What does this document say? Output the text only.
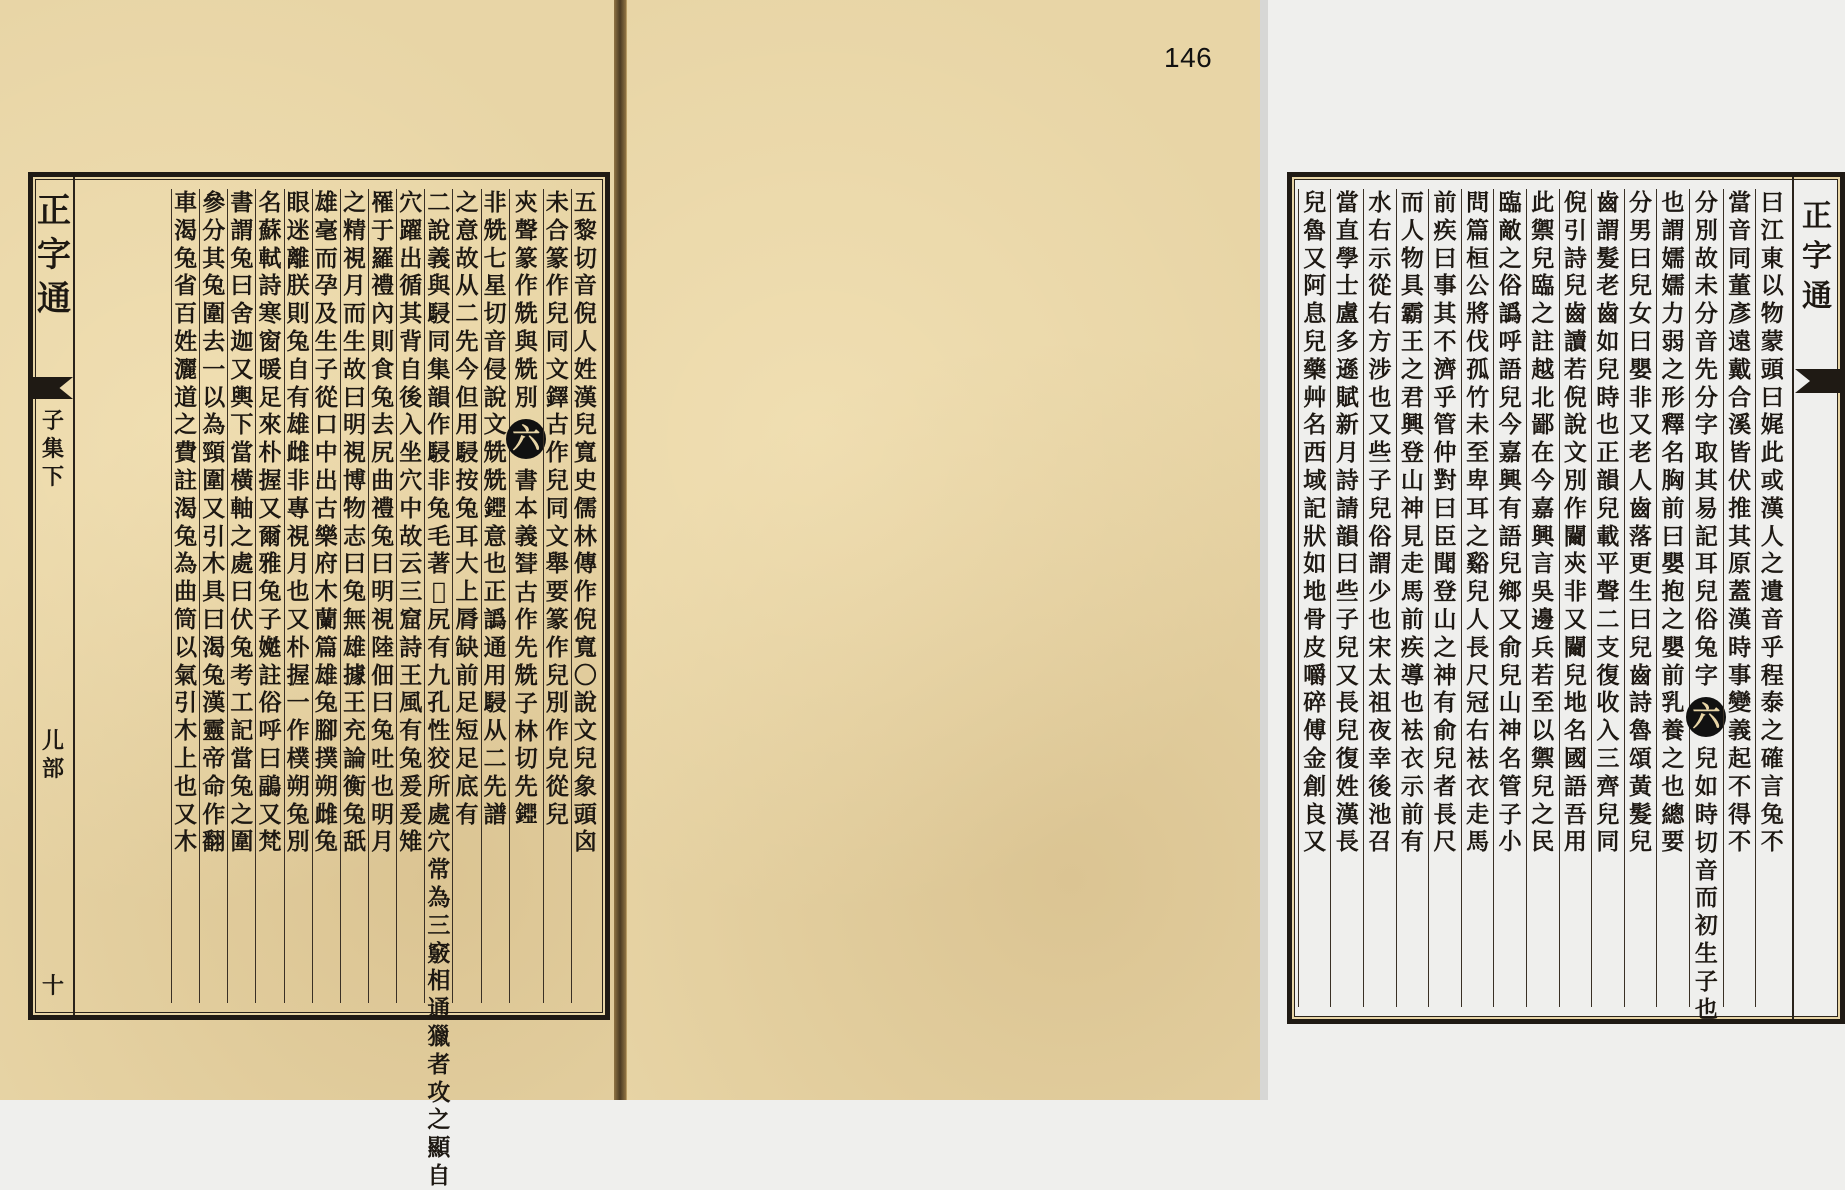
正字通
子集下
儿部
十
五
黎
切
音
倪
人
姓
漢
兒
寬
史
儒
林
傳
作
倪
寬
〇
說
文
兒
象
頭
囟
未
合
篆
作
兒
同
文
鐸
古
作
兒
同
文
舉
要
篆
作
兒
別
作
皃
從
兒
㚒
聲
篆
作
兟
與
兟
別
六
書
本
義
𦗊
古
作
先
兟
子
林
切
先
𨪐
非
兟
七
星
切
音
侵
說
文
兟
兟
𨪐
意
也
正
譌
通
用
駸
从
二
先
譜
之
意
故
从
二
先
今
但
用
駸
按
兔
耳
大
上
脣
缺
前
足
短
足
底
有
二
說
義
與
駸
同
集
韻
作
駸
非
兔
毛
著
𡉉
尻
有
九
孔
性
狡
所
處
穴
常
為
三
竅
相
通
獵
者
攻
之
顯
自
穴
躍
出
循
其
背
自
後
入
坐
穴
中
故
云
三
窟
詩
王
風
有
兔
爰
爰
雉
罹
于
羅
禮
內
則
食
兔
去
尻
曲
禮
兔
曰
明
視
陸
佃
曰
兔
吐
也
明
月
之
精
視
月
而
生
故
曰
明
視
博
物
志
曰
兔
無
雄
據
王
充
論
衡
兔
舐
雄
毫
而
孕
及
生
子
從
口
中
出
古
樂
府
木
蘭
篇
雄
兔
腳
撲
朔
雌
兔
眼
迷
離
朕
則
兔
自
有
雄
雌
非
專
視
月
也
又
朴
握
一
作
樸
朔
兔
別
名
蘇
軾
詩
寒
窗
暖
足
來
朴
握
又
爾
雅
兔
子
嬔
註
俗
呼
曰
鶝
又
梵
書
謂
兔
曰
舍
迦
又
輿
下
當
橫
軸
之
處
曰
伏
兔
考
工
記
當
兔
之
圍
參
分
其
兔
圍
去
一
以
為
頸
圍
又
引
木
具
曰
渴
兔
漢
靈
帝
命
作
翻
車
渴
兔
省
百
姓
灑
道
之
費
註
渴
兔
為
曲
筒
以
氣
引
木
上
也
又
木
曰
江
東
以
物
蒙
頭
曰
娓
此
或
漢
人
之
遺
音
乎
程
泰
之
確
言
兔
不
當
音
同
董
彥
遠
戴
合
溪
皆
伏
推
其
原
蓋
漢
時
事
變
義
起
不
得
不
分
別
故
未
分
音
先
分
字
取
其
易
記
耳
兒
俗
兔
字
六
兒
如
時
切
音
而
初
生
子
也
也
謂
嬬
嬬
力
弱
之
形
釋
名
胸
前
曰
嬰
抱
之
嬰
前
乳
養
之
也
總
要
分
男
曰
兒
女
曰
嬰
非
又
老
人
齒
落
更
生
曰
兒
齒
詩
魯
頌
黃
髮
兒
齒
謂
髮
老
齒
如
兒
時
也
正
韻
兒
載
平
聲
二
支
復
收
入
三
齊
兒
同
倪
引
詩
兒
齒
讀
若
倪
說
文
別
作
䦵
㚒
非
又
䦵
兒
地
名
國
語
吾
用
此
禦
兒
臨
之
註
越
北
鄙
在
今
嘉
興
言
吳
邊
兵
若
至
以
禦
兒
之
民
臨
敵
之
俗
譌
呼
語
兒
今
嘉
興
有
語
兒
鄉
又
俞
兒
山
神
名
管
子
小
問
篇
桓
公
將
伐
孤
竹
未
至
卑
耳
之
谿
兒
人
長
尺
冠
右
袪
衣
走
馬
前
疾
曰
事
其
不
濟
乎
管
仲
對
曰
臣
聞
登
山
之
神
有
俞
兒
者
長
尺
而
人
物
具
霸
王
之
君
興
登
山
神
見
走
馬
前
疾
導
也
袪
衣
示
前
有
水
右
示
從
右
方
涉
也
又
些
子
兒
俗
謂
少
也
宋
太
祖
夜
幸
後
池
召
當
直
學
士
盧
多
遜
賦
新
月
詩
請
韻
曰
些
子
兒
又
長
兒
復
姓
漢
長
兒
魯
又
阿
息
兒
藥
艸
名
西
域
記
狀
如
地
骨
皮
嚼
碎
傅
金
創
良
又
正字通
146
